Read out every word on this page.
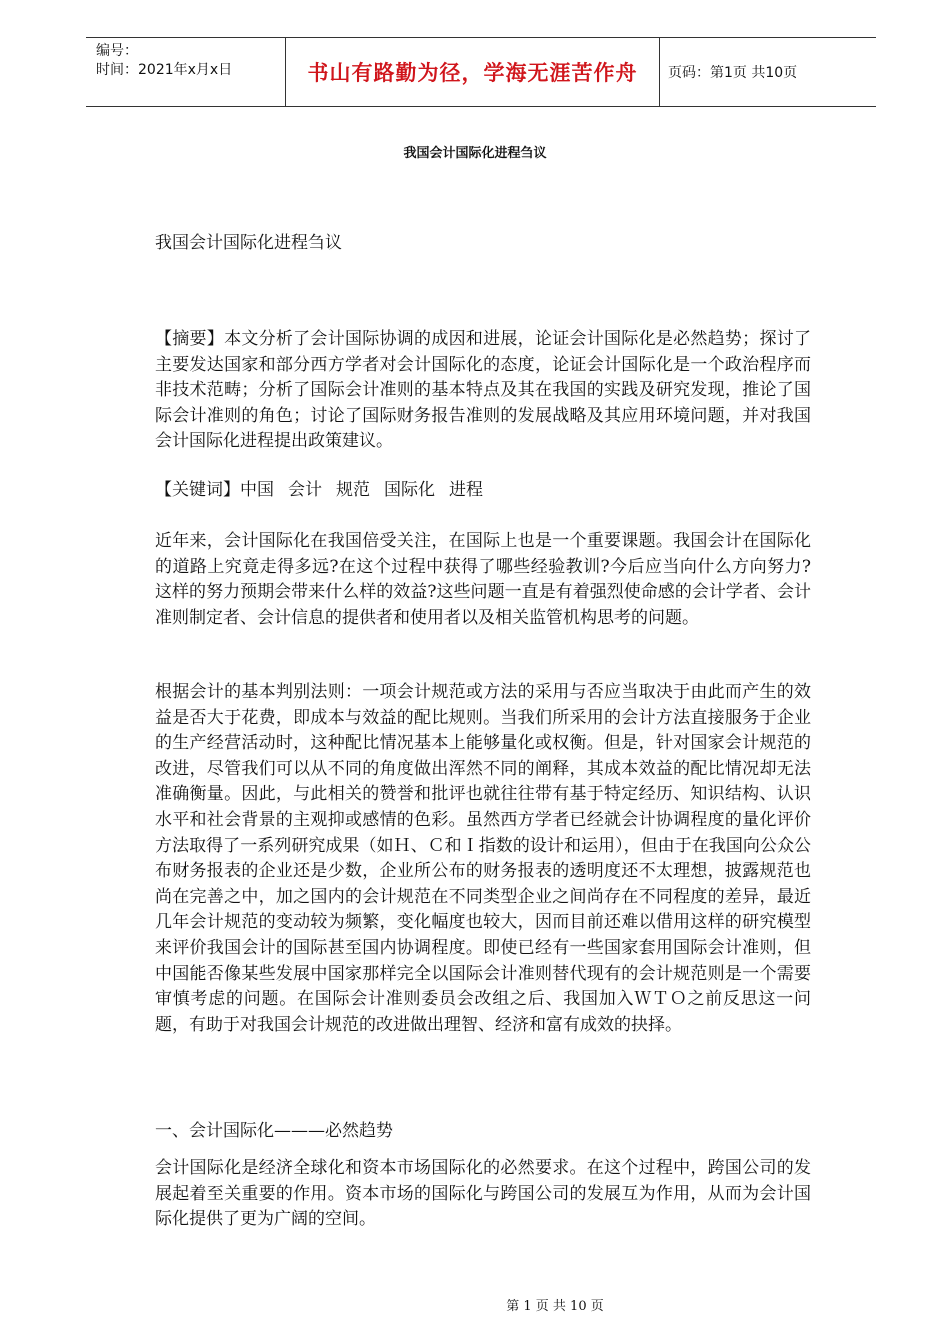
编号：
时间：2021年x月x日	书山有路勤为径，学海无涯苦作舟	页码：第1页 共10页
我国会计国际化进程刍议
我国会计国际化进程刍议
【摘要】本文分析了会计国际协调的成因和进展，论证会计国际化是必然趋势；探讨了主要发达国家和部分西方学者对会计国际化的态度，论证会计国际化是一个政治程序而非技术范畴；分析了国际会计准则的基本特点及其在我国的实践及研究发现，推论了国际会计准则的角色；讨论了国际财务报告准则的发展战略及其应用环境问题，并对我国会计国际化进程提出政策建议。
【关键词】中国 会计 规范 国际化 进程
近年来，会计国际化在我国倍受关注，在国际上也是一个重要课题。我国会计在国际化的道路上究竟走得多远?在这个过程中获得了哪些经验教训?今后应当向什么方向努力?这样的努力预期会带来什么样的效益?这些问题一直是有着强烈使命感的会计学者、会计准则制定者、会计信息的提供者和使用者以及相关监管机构思考的问题。
根据会计的基本判别法则：一项会计规范或方法的采用与否应当取决于由此而产生的效益是否大于花费，即成本与效益的配比规则。当我们所采用的会计方法直接服务于企业的生产经营活动时，这种配比情况基本上能够量化或权衡。但是，针对国家会计规范的改进，尽管我们可以从不同的角度做出浑然不同的阐释，其成本效益的配比情况却无法准确衡量。因此，与此相关的赞誉和批评也就往往带有基于特定经历、知识结构、认识水平和社会背景的主观抑或感情的色彩。虽然西方学者已经就会计协调程度的量化评价方法取得了一系列研究成果（如Ｈ、Ｃ和Ｉ指数的设计和运用），但由于在我国向公众公布财务报表的企业还是少数，企业所公布的财务报表的透明度还不太理想，披露规范也尚在完善之中，加之国内的会计规范在不同类型企业之间尚存在不同程度的差异，最近几年会计规范的变动较为频繁，变化幅度也较大，因而目前还难以借用这样的研究模型来评价我国会计的国际甚至国内协调程度。即使已经有一些国家套用国际会计准则，但中国能否像某些发展中国家那样完全以国际会计准则替代现有的会计规范则是一个需要审慎考虑的问题。在国际会计准则委员会改组之后、我国加入ＷＴＯ之前反思这一问题，有助于对我国会计规范的改进做出理智、经济和富有成效的抉择。
一、会计国际化———必然趋势
会计国际化是经济全球化和资本市场国际化的必然要求。在这个过程中，跨国公司的发展起着至关重要的作用。资本市场的国际化与跨国公司的发展互为作用，从而为会计国际化提供了更为广阔的空间。
第 1 页 共 10 页
